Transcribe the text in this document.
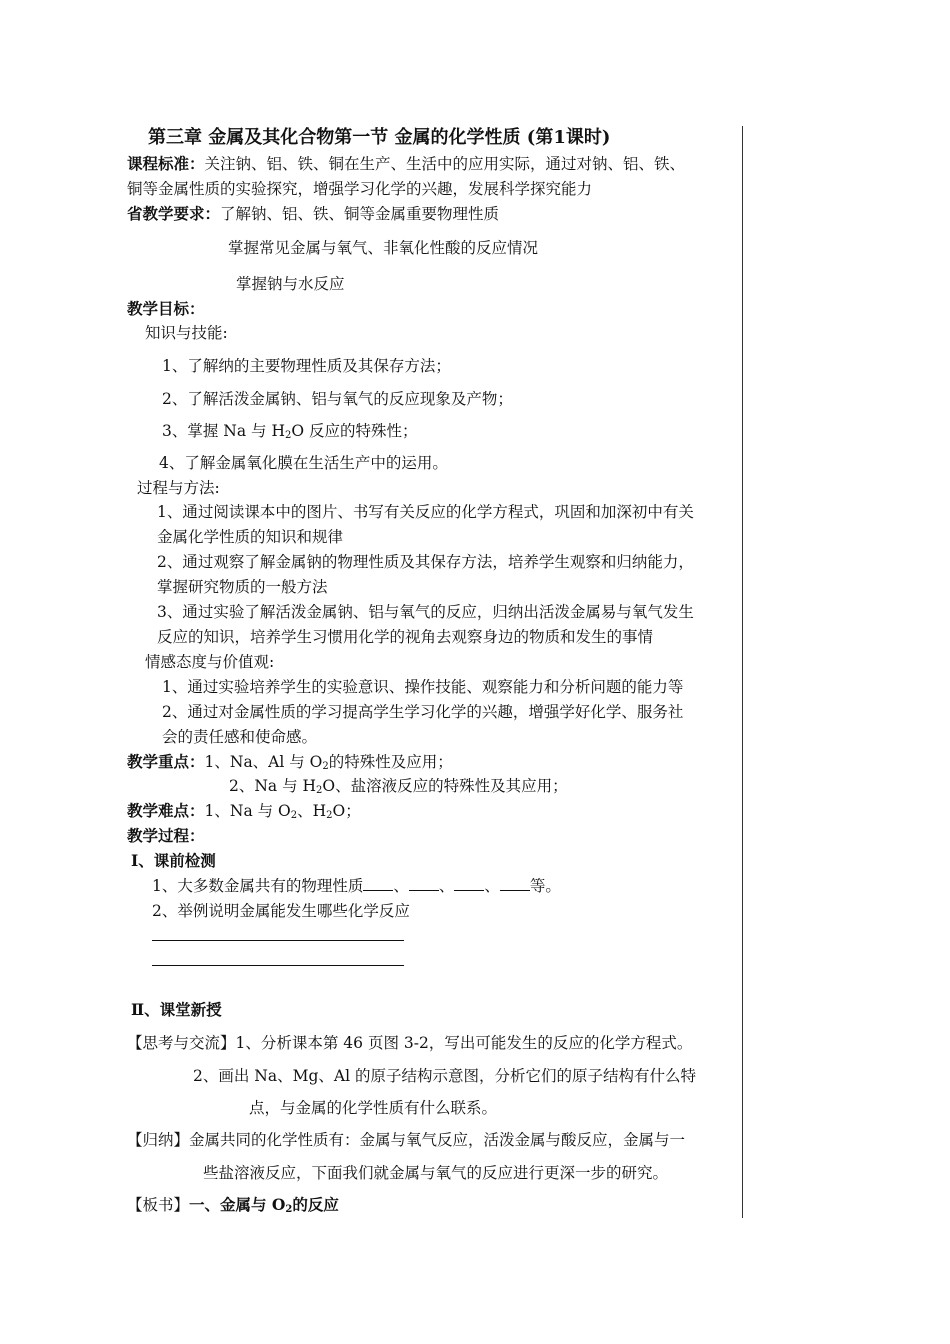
第三章 金属及其化合物第一节 金属的化学性质 (第1课时)
课程标准：关注钠、铝、铁、铜在生产、生活中的应用实际，通过对钠、铝、铁、
铜等金属性质的实验探究，增强学习化学的兴趣，发展科学探究能力
省教学要求：了解钠、铝、铁、铜等金属重要物理性质
掌握常见金属与氧气、非氧化性酸的反应情况
掌握钠与水反应
教学目标：
知识与技能:
1、了解纳的主要物理性质及其保存方法；
2、了解活泼金属钠、铝与氧气的反应现象及产物；
3、掌握 Na 与 $H_2O$ 反应的特殊性；
4、了解金属氧化膜在生活生产中的运用。
过程与方法:
1、通过阅读课本中的图片、书写有关反应的化学方程式，巩固和加深初中有关
金属化学性质的知识和规律
2、通过观察了解金属钠的物理性质及其保存方法，培养学生观察和归纳能力，
掌握研究物质的一般方法
3、通过实验了解活泼金属钠、铝与氧气的反应，归纳出活泼金属易与氧气发生
反应的知识，培养学生习惯用化学的视角去观察身边的物质和发生的事情
情感态度与价值观:
1、通过实验培养学生的实验意识、操作技能、观察能力和分析问题的能力等
2、通过对金属性质的学习提高学生学习化学的兴趣，增强学好化学、服务社
会的责任感和使命感。
教学重点：1、Na、Al 与 $O_2$的特殊性及应用；
2、Na 与 $H_2O$、盐溶液反应的特殊性及其应用；
教学难点：1、Na 与 $O_2$、$H_2O$；
教学过程：
Ⅰ、课前检测
1、大多数金属共有的物理性质 、 、 、 等。
2、举例说明金属能发生哪些化学反应
Ⅱ、课堂新授
【思考与交流】1、分析课本第 46 页图 3-2，写出可能发生的反应的化学方程式。
2、画出 Na、Mg、Al 的原子结构示意图，分析它们的原子结构有什么特
点，与金属的化学性质有什么联系。
【归纳】金属共同的化学性质有：金属与氧气反应，活泼金属与酸反应，金属与一
些盐溶液反应，下面我们就金属与氧气的反应进行更深一步的研究。
【板书】一、金属与 $O_2$的反应
